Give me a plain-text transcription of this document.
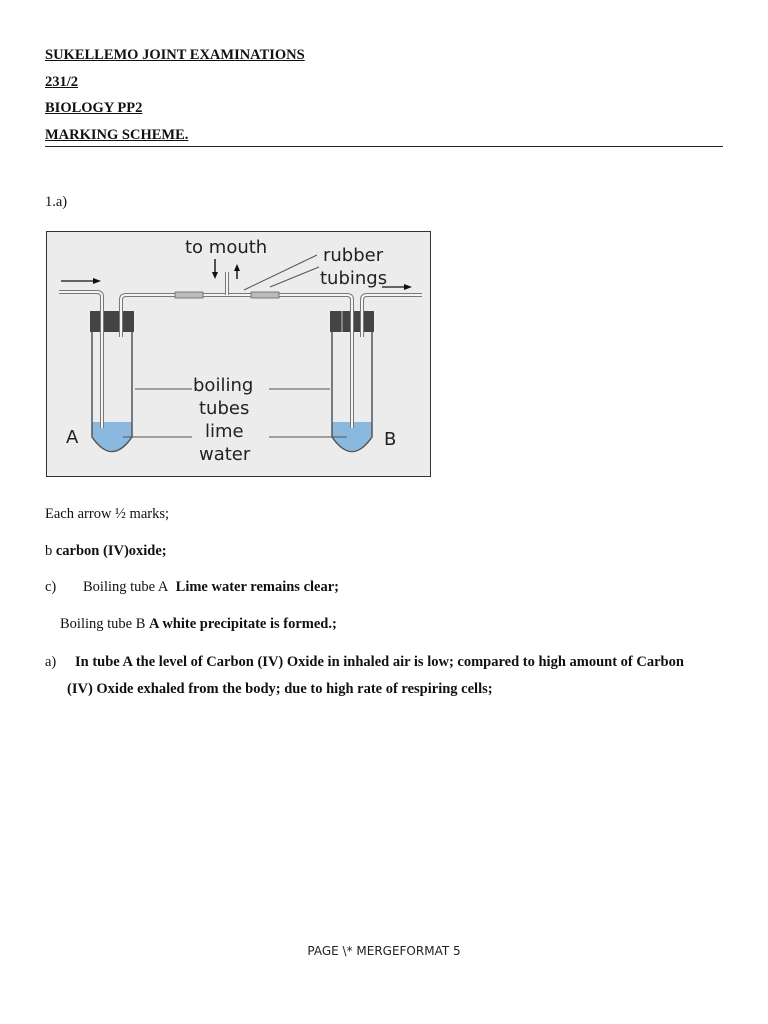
SUKELLEMO JOINT EXAMINATIONS
231/2
BIOLOGY PP2
MARKING SCHEME.
1.a)
to mouth	rubber
tubings
boiling
tubes
lime
water
A	B
Each arrow ½ marks;
b carbon (IV)oxide;
c) Boiling tube A Lime water remains clear;
Boiling tube B A white precipitate is formed.;
a) In tube A the level of Carbon (IV) Oxide in inhaled air is low; compared to high amount of Carbon
(IV) Oxide exhaled from the body; due to high rate of respiring cells;
PAGE \* MERGEFORMAT 5
